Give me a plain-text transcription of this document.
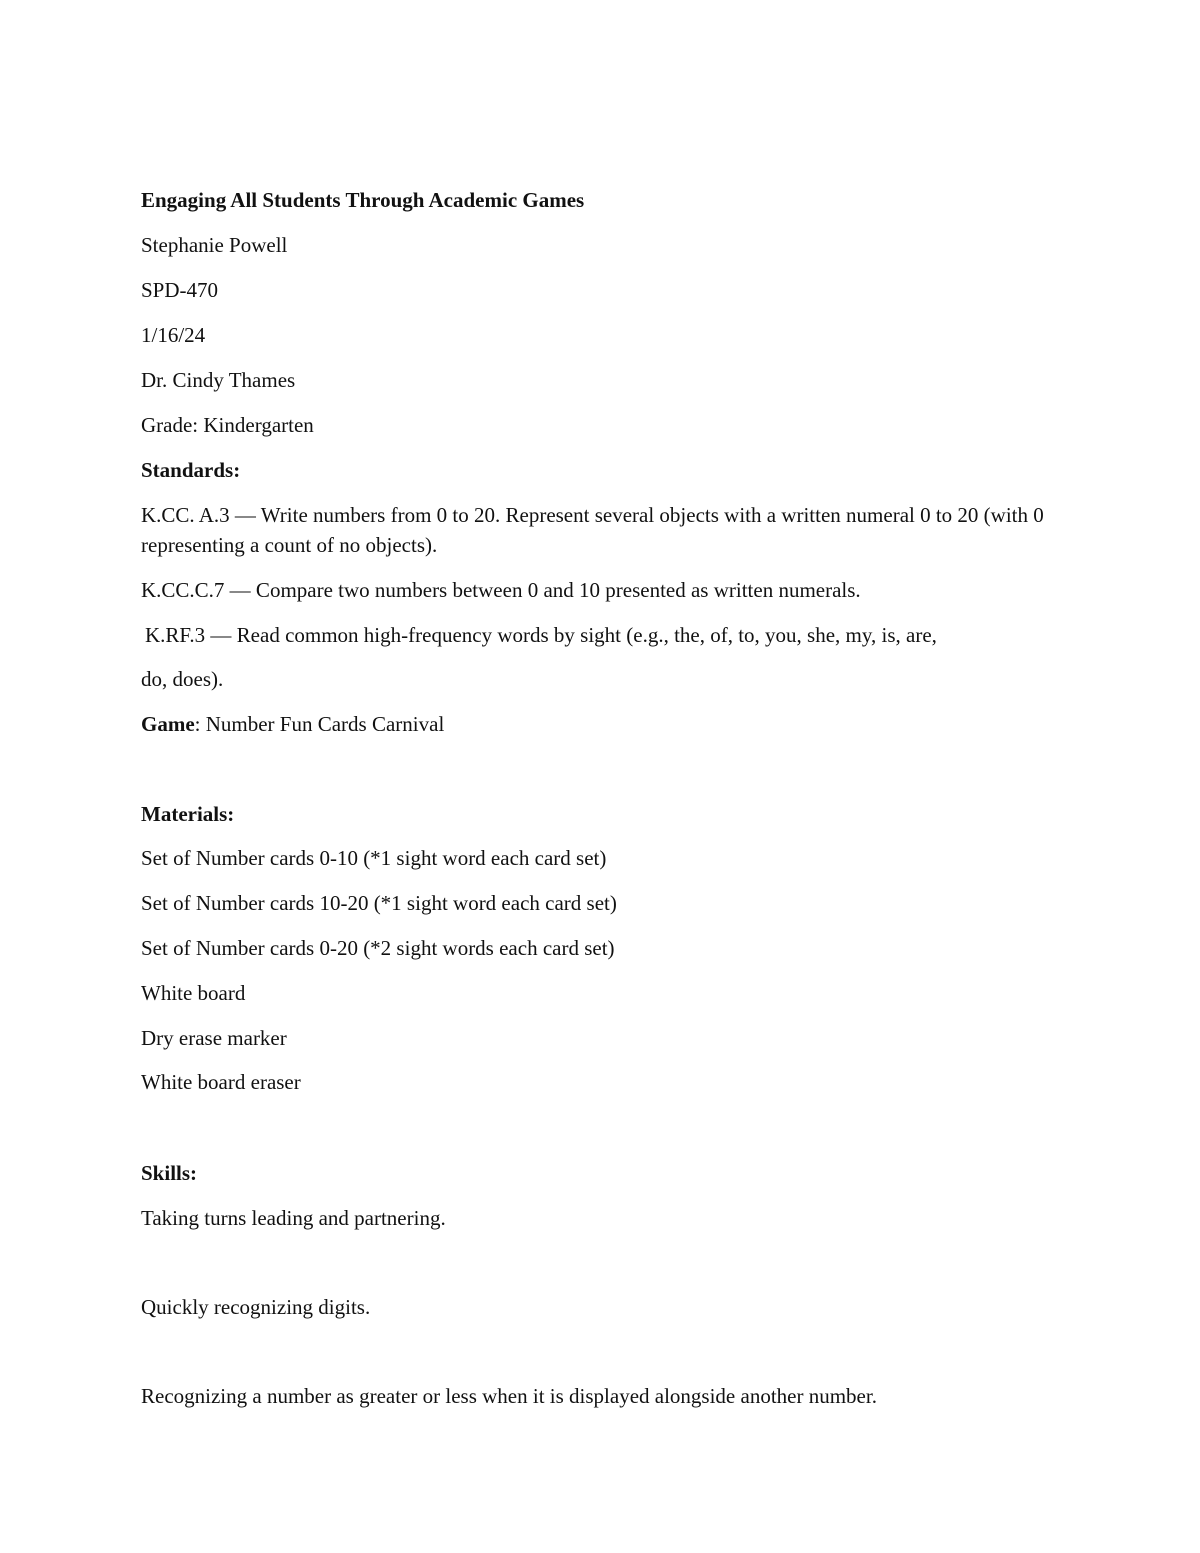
Engaging All Students Through Academic Games
Stephanie Powell
SPD-470
1/16/24
Dr. Cindy Thames
Grade: Kindergarten
Standards:
K.CC. A.3 — Write numbers from 0 to 20. Represent several objects with a written numeral 0 to 20 (with 0 representing a count of no objects).
K.CC.C.7 — Compare two numbers between 0 and 10 presented as written numerals.
K.RF.3 — Read common high-frequency words by sight (e.g., the, of, to, you, she, my, is, are,
do, does).
Game: Number Fun Cards Carnival
Materials:
Set of Number cards 0-10 (*1 sight word each card set)
Set of Number cards 10-20 (*1 sight word each card set)
Set of Number cards 0-20 (*2 sight words each card set)
White board
Dry erase marker
White board eraser
Skills:
Taking turns leading and partnering.
Quickly recognizing digits.
Recognizing a number as greater or less when it is displayed alongside another number.
